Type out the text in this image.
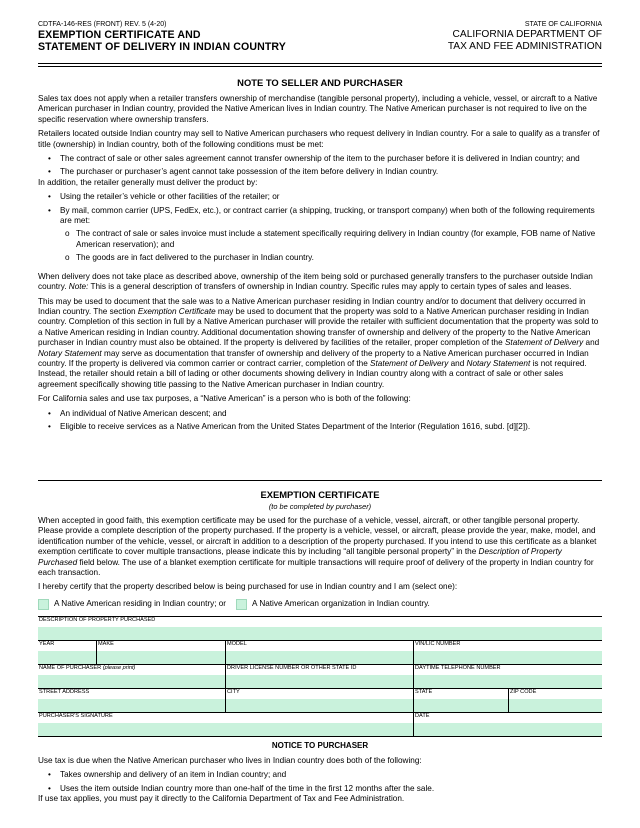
CDTFA-146-RES (FRONT) REV. 5 (4-20)
EXEMPTION CERTIFICATE AND
STATEMENT OF DELIVERY IN INDIAN COUNTRY
STATE OF CALIFORNIA
CALIFORNIA DEPARTMENT OF
TAX AND FEE ADMINISTRATION
NOTE TO SELLER AND PURCHASER

Sales tax does not apply when a retailer transfers ownership of merchandise (tangible personal property), including a vehicle, vessel, or aircraft to a Native American purchaser in Indian country, provided the Native American lives in Indian country. The Native American purchaser is not required to live on the specific reservation where ownership transfers.

Retailers located outside Indian country may sell to Native American purchasers who request delivery in Indian country. For a sale to qualify as a transfer of title (ownership) in Indian country, both of the following conditions must be met:

• The contract of sale or other sales agreement cannot transfer ownership of the item to the purchaser before it is delivered in Indian country; and
• The purchaser or purchaser’s agent cannot take possession of the item before delivery in Indian country.

In addition, the retailer generally must deliver the product by:

• Using the retailer’s vehicle or other facilities of the retailer; or
• By mail, common carrier (UPS, FedEx, etc.), or contract carrier (a shipping, trucking, or transport company) when both of the following requirements are met:
o The contract of sale or sales invoice must include a statement specifically requiring delivery in Indian country (for example, FOB name of Native American reservation); and
o The goods are in fact delivered to the purchaser in Indian country.

When delivery does not take place as described above, ownership of the item being sold or purchased generally transfers to the purchaser outside Indian country. Note: This is a general description of transfers of ownership in Indian country. Specific rules may apply to certain types of sales and leases.

This may be used to document that the sale was to a Native American purchaser residing in Indian country and/or to document that delivery occurred in Indian country. The section Exemption Certificate may be used to document that the property was sold to a Native American purchaser residing in Indian country. Completion of this section in full by a Native American purchaser will provide the retailer with sufficient documentation that the property was sold to a Native American residing in Indian country. Additional documentation showing transfer of ownership and delivery of the property to the Native American purchaser in Indian country must also be obtained. If the property is delivered by facilities of the retailer, proper completion of the Statement of Delivery and Notary Statement may serve as documentation that transfer of ownership and delivery of the property to a Native American purchaser occurred in Indian country. If the property is delivered via common carrier or contract carrier, completion of the Statement of Delivery and Notary Statement is not required. Instead, the retailer should retain a bill of lading or other documents showing delivery in Indian country along with a contract of sale or other sales agreement specifically showing title passing to the Native American purchaser in Indian country.

For California sales and use tax purposes, a “Native American” is a person who is both of the following:

• An individual of Native American descent; and
• Eligible to receive services as a Native American from the United States Department of the Interior (Regulation 1616, subd. [d][2]).
EXEMPTION CERTIFICATE
(to be completed by purchaser)

When accepted in good faith, this exemption certificate may be used for the purchase of a vehicle, vessel, aircraft, or other tangible personal property. Please provide a complete description of the property purchased. If the property is a vehicle, vessel, or aircraft, please provide the year, make, model, and identification number of the vehicle, vessel, or aircraft in addition to a description of the property purchased. If you intend to use this certificate as a blanket exemption certificate to cover multiple transactions, please indicate this by including “all tangible personal property” in the Description of Property Purchased field below. The use of a blanket exemption certificate for multiple transactions will require proof of delivery of the property in Indian country for each transaction.

I hereby certify that the property described below is being purchased for use in Indian country and I am (select one):

A Native American residing in Indian country; or	A Native American organization in Indian country.
DESCRIPTION OF PROPERTY PURCHASED
YEAR	MAKE	MODEL	VIN/LIC NUMBER
NAME OF PURCHASER (please print)	DRIVER LICENSE NUMBER OR OTHER STATE ID	DAYTIME TELEPHONE NUMBER
STREET ADDRESS	CITY	STATE	ZIP CODE
PURCHASER'S SIGNATURE	DATE
NOTICE TO PURCHASER

Use tax is due when the Native American purchaser who lives in Indian country does both of the following:

• Takes ownership and delivery of an item in Indian country; and
• Uses the item outside Indian country more than one-half of the time in the first 12 months after the sale.

If use tax applies, you must pay it directly to the California Department of Tax and Fee Administration.
